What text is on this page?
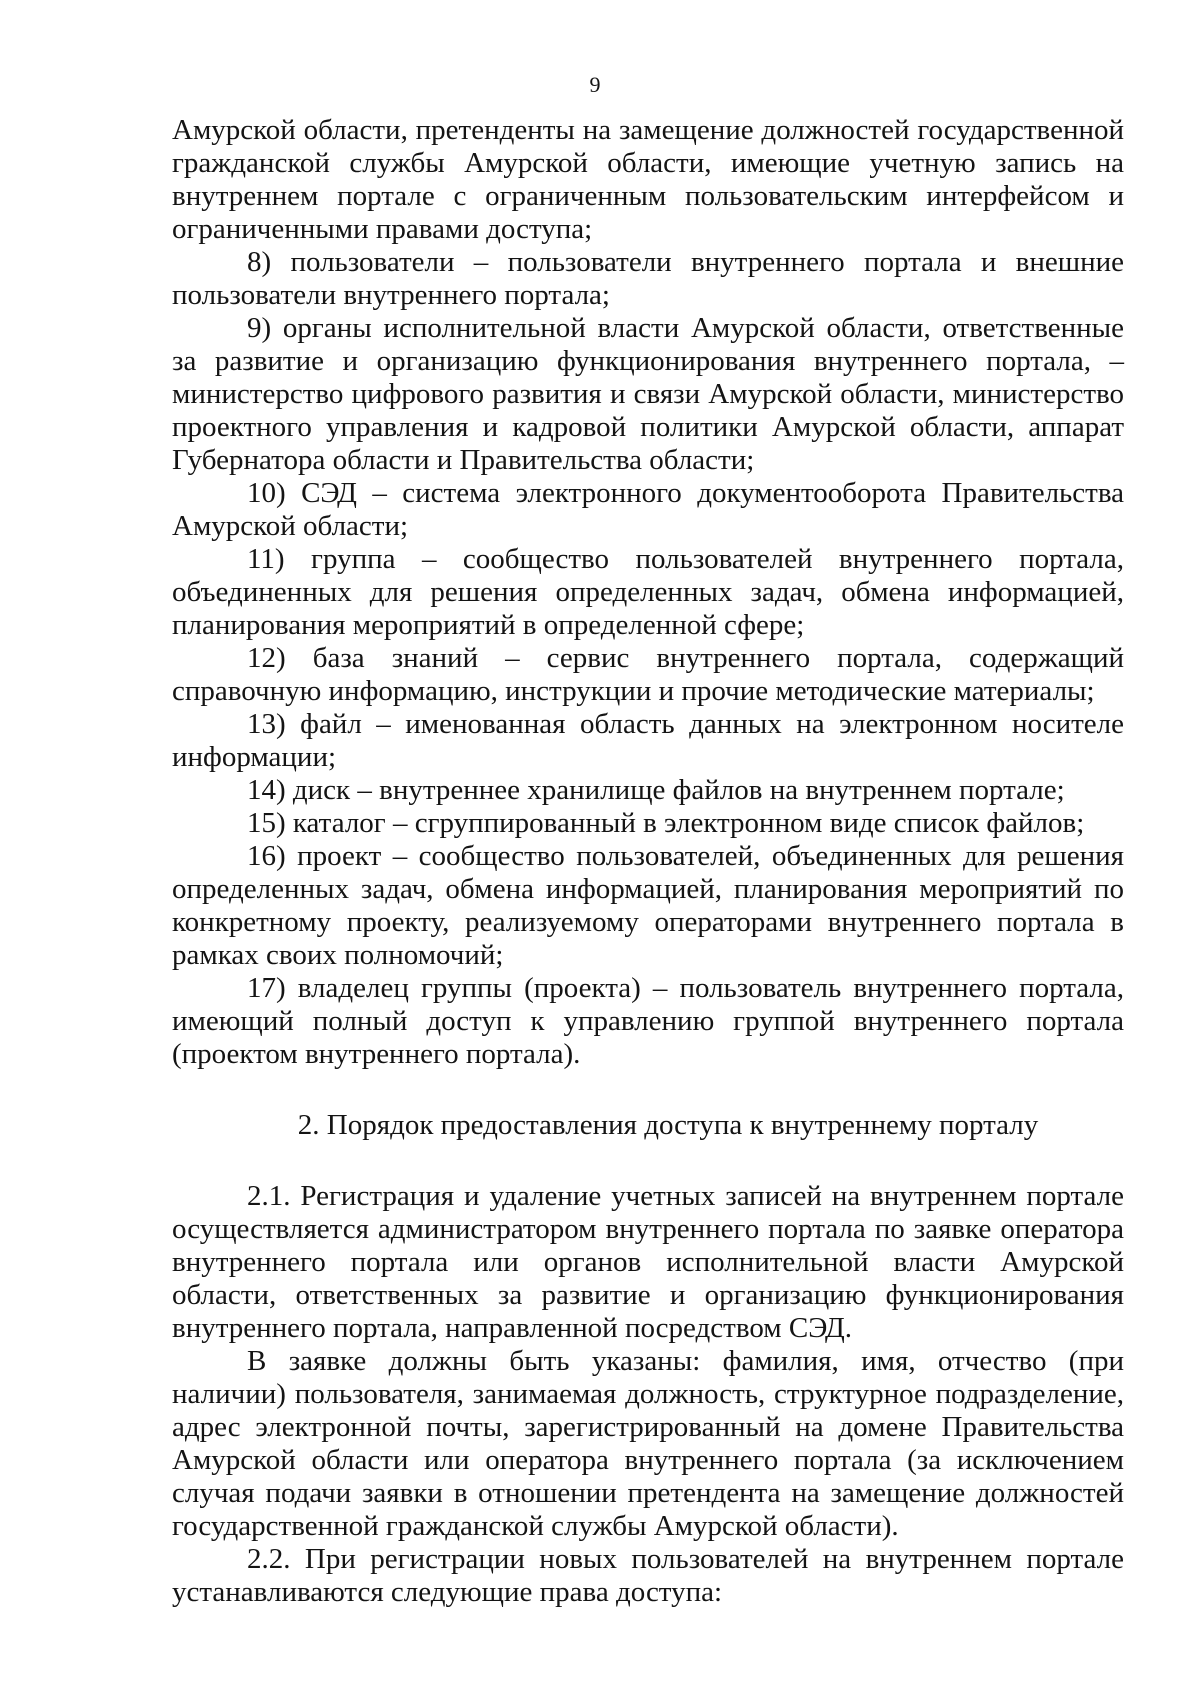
9

Амурской области, претенденты на замещение должностей государственной гражданской службы Амурской области, имеющие учетную запись на внутреннем портале с ограниченным пользовательским интерфейсом и ограниченными правами доступа;

8) пользователи – пользователи внутреннего портала и внешние пользователи внутреннего портала;

9) органы исполнительной власти Амурской области, ответственные за развитие и организацию функционирования внутреннего портала, – министерство цифрового развития и связи Амурской области, министерство проектного управления и кадровой политики Амурской области, аппарат Губернатора области и Правительства области;

10) СЭД – система электронного документооборота Правительства Амурской области;

11) группа – сообщество пользователей внутреннего портала, объединенных для решения определенных задач, обмена информацией, планирования мероприятий в определенной сфере;

12) база знаний – сервис внутреннего портала, содержащий справочную информацию, инструкции и прочие методические материалы;

13) файл – именованная область данных на электронном носителе информации;

14) диск – внутреннее хранилище файлов на внутреннем портале;

15) каталог – сгруппированный в электронном виде список файлов;

16) проект – сообщество пользователей, объединенных для решения определенных задач, обмена информацией, планирования мероприятий по конкретному проекту, реализуемому операторами внутреннего портала в рамках своих полномочий;

17) владелец группы (проекта) – пользователь внутреннего портала, имеющий полный доступ к управлению группой внутреннего портала (проектом внутреннего портала).

2. Порядок предоставления доступа к внутреннему порталу

2.1. Регистрация и удаление учетных записей на внутреннем портале осуществляется администратором внутреннего портала по заявке оператора внутреннего портала или органов исполнительной власти Амурской области, ответственных за развитие и организацию функционирования внутреннего портала, направленной посредством СЭД.

В заявке должны быть указаны: фамилия, имя, отчество (при наличии) пользователя, занимаемая должность, структурное подразделение, адрес электронной почты, зарегистрированный на домене Правительства Амурской области или оператора внутреннего портала (за исключением случая подачи заявки в отношении претендента на замещение должностей государственной гражданской службы Амурской области).

2.2. При регистрации новых пользователей на внутреннем портале устанавливаются следующие права доступа:
